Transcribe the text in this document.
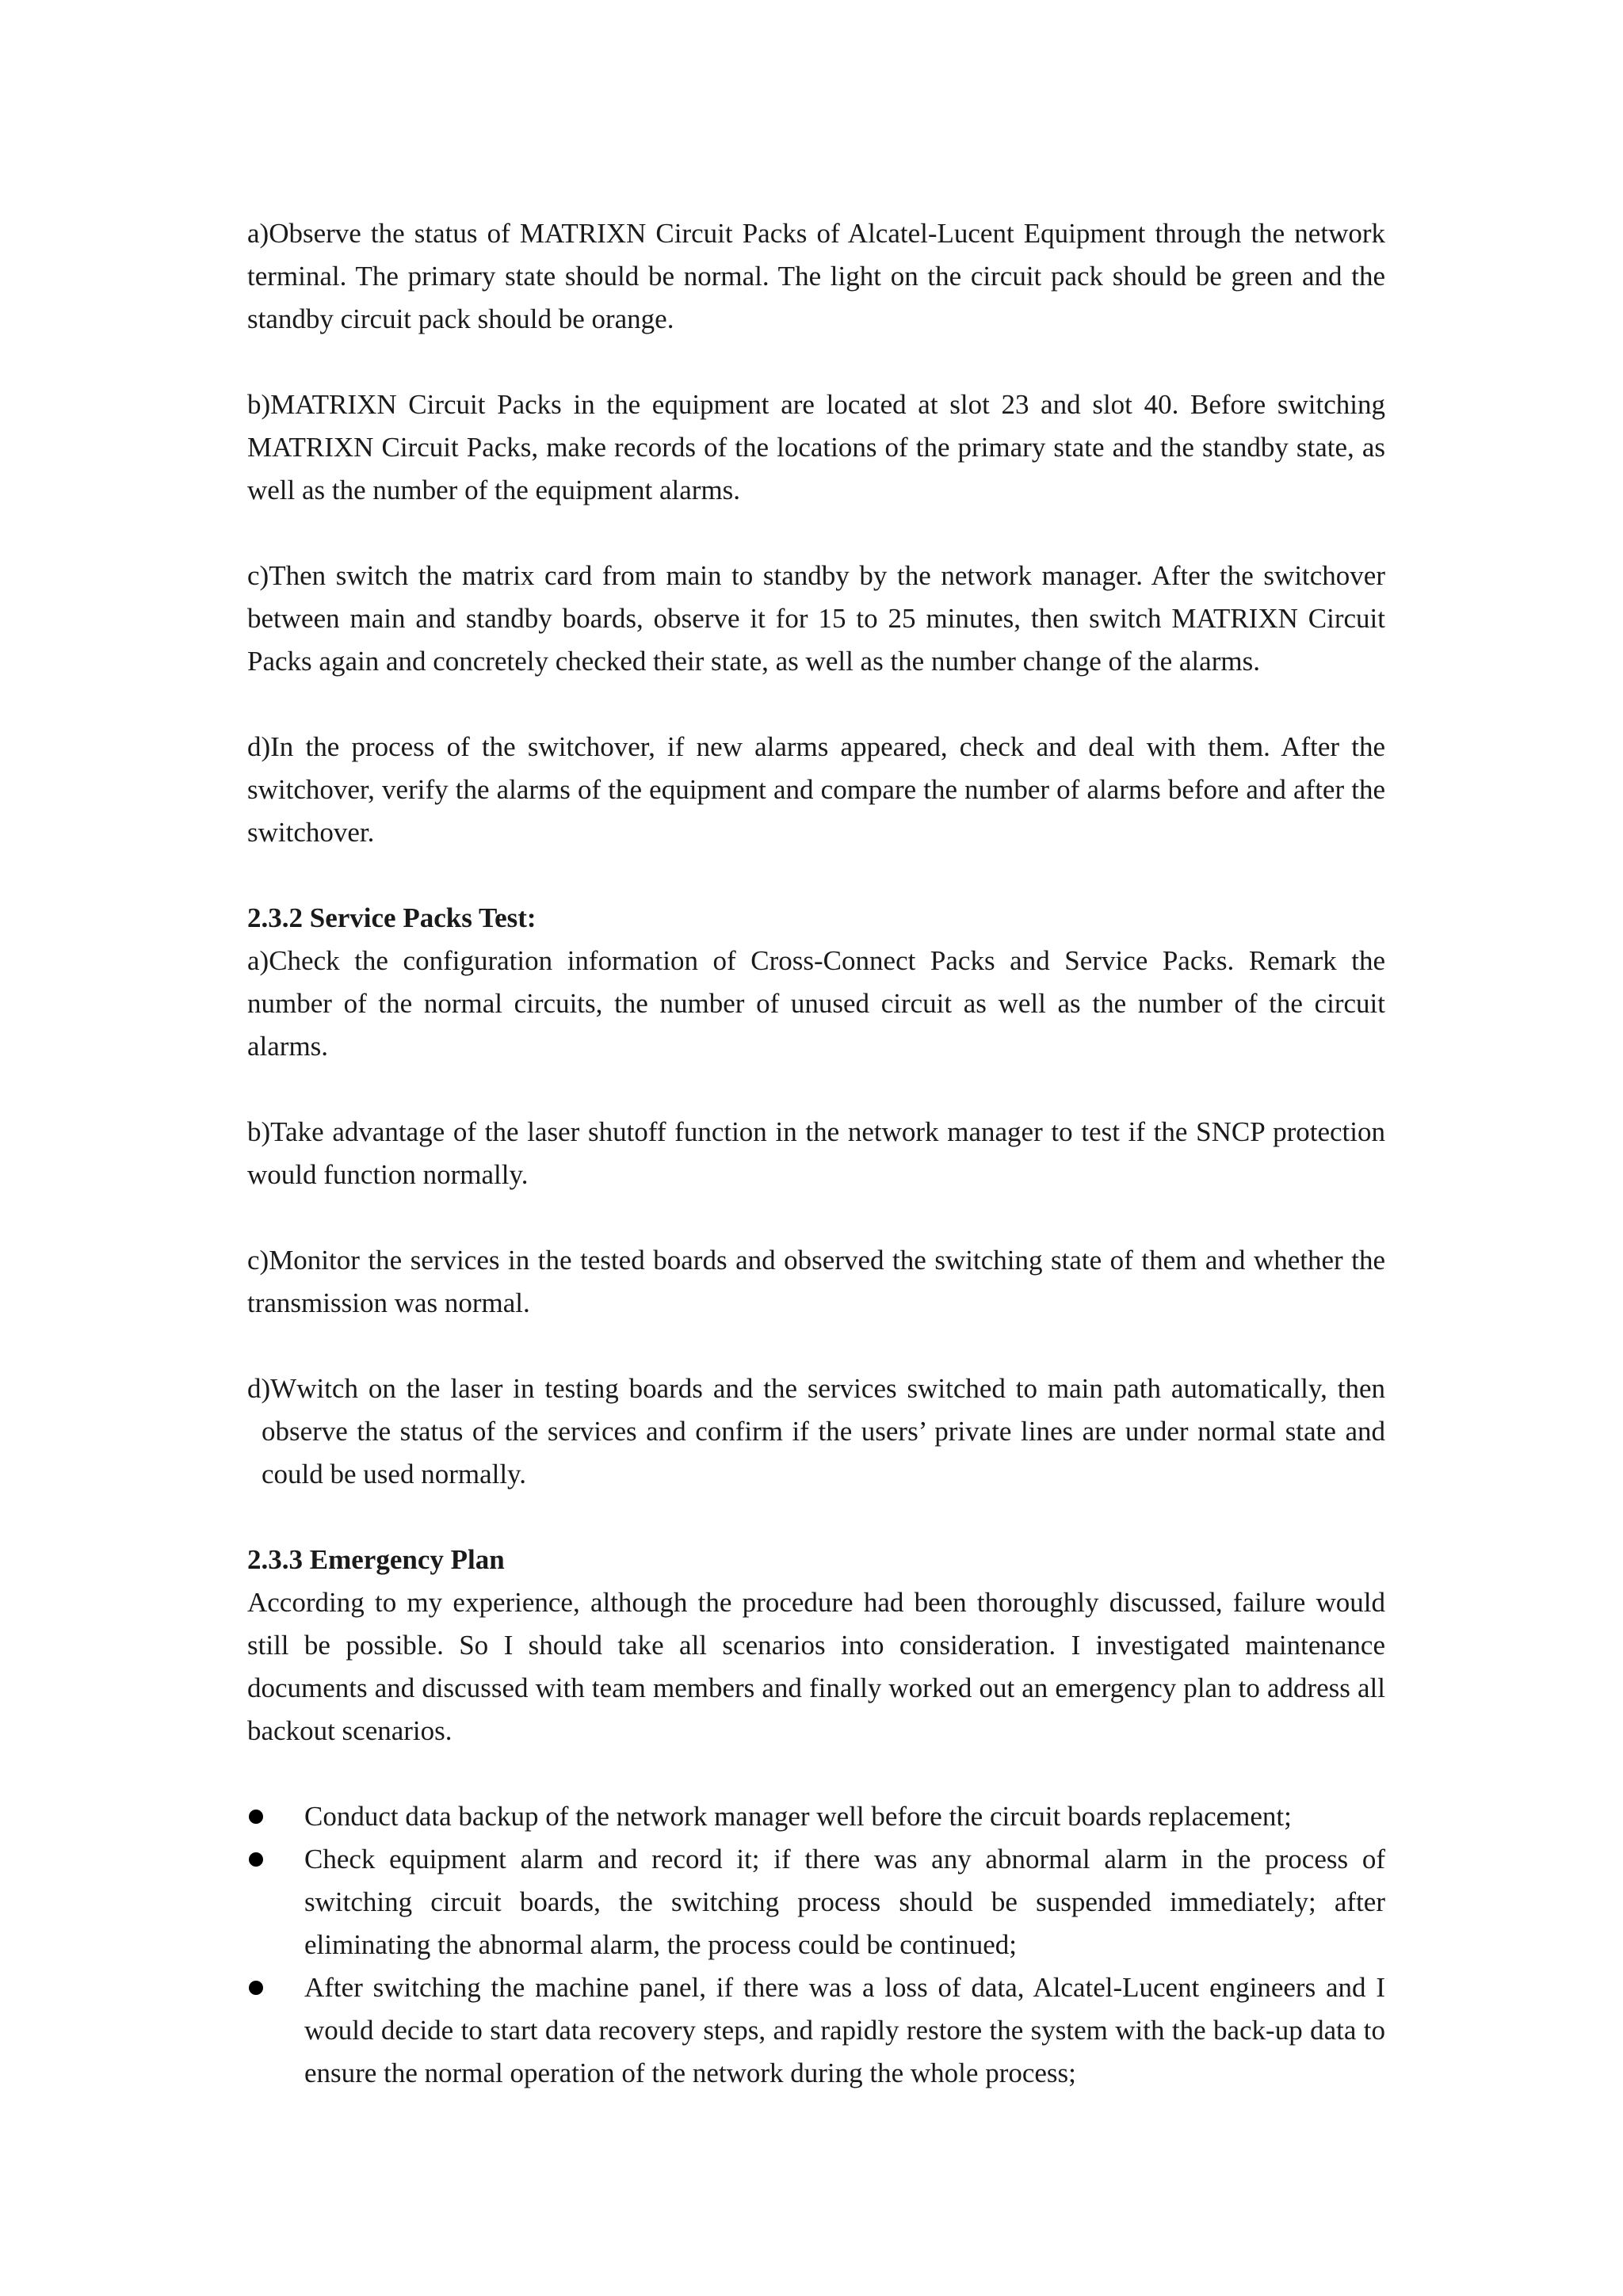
a)Observe the status of MATRIXN Circuit Packs of Alcatel-Lucent Equipment through the network terminal. The primary state should be normal. The light on the circuit pack should be green and the standby circuit pack should be orange.

b)MATRIXN Circuit Packs in the equipment are located at slot 23 and slot 40. Before switching MATRIXN Circuit Packs, make records of the locations of the primary state and the standby state, as well as the number of the equipment alarms.

c)Then switch the matrix card from main to standby by the network manager. After the switchover between main and standby boards, observe it for 15 to 25 minutes, then switch MATRIXN Circuit Packs again and concretely checked their state, as well as the number change of the alarms.

d)In the process of the switchover, if new alarms appeared, check and deal with them. After the switchover, verify the alarms of the equipment and compare the number of alarms before and after the switchover.

2.3.2 Service Packs Test:

a)Check the configuration information of Cross-Connect Packs and Service Packs. Remark the number of the normal circuits, the number of unused circuit as well as the number of the circuit alarms.

b)Take advantage of the laser shutoff function in the network manager to test if the SNCP protection would function normally.

c)Monitor the services in the tested boards and observed the switching state of them and whether the transmission was normal.

d)Wwitch on the laser in testing boards and the services switched to main path automatically, then observe the status of the services and confirm if the users’ private lines are under normal state and could be used normally.

2.3.3 Emergency Plan

According to my experience, although the procedure had been thoroughly discussed, failure would still be possible. So I should take all scenarios into consideration. I investigated maintenance documents and discussed with team members and finally worked out an emergency plan to address all backout scenarios.

Conduct data backup of the network manager well before the circuit boards replacement;
Check equipment alarm and record it; if there was any abnormal alarm in the process of switching circuit boards, the switching process should be suspended immediately; after eliminating the abnormal alarm, the process could be continued;
After switching the machine panel, if there was a loss of data, Alcatel-Lucent engineers and I would decide to start data recovery steps, and rapidly restore the system with the back-up data to ensure the normal operation of the network during the whole process;
